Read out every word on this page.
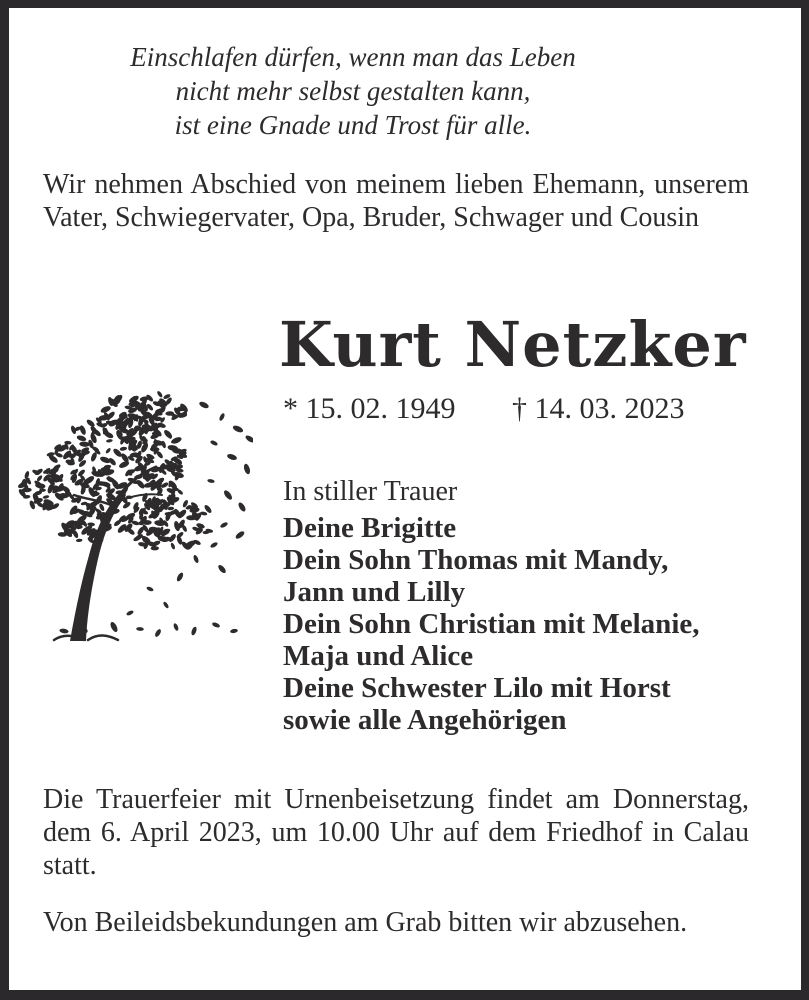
Einschlafen dürfen, wenn man das Leben
nicht mehr selbst gestalten kann,
ist eine Gnade und Trost für alle.
Wir nehmen Abschied von meinem lieben Ehemann, unserem Vater, Schwiegervater, Opa, Bruder, Schwager und Cousin
Kurt Netzker
* 15. 02. 1949 † 14. 03. 2023
In stiller Trauer
Deine Brigitte
Dein Sohn Thomas mit Mandy,
Jann und Lilly
Dein Sohn Christian mit Melanie,
Maja und Alice
Deine Schwester Lilo mit Horst
sowie alle Angehörigen
Die Trauerfeier mit Urnenbeisetzung findet am Donnerstag, dem 6. April 2023, um 10.00 Uhr auf dem Friedhof in Calau statt.
Von Beileidsbekundungen am Grab bitten wir abzusehen.
